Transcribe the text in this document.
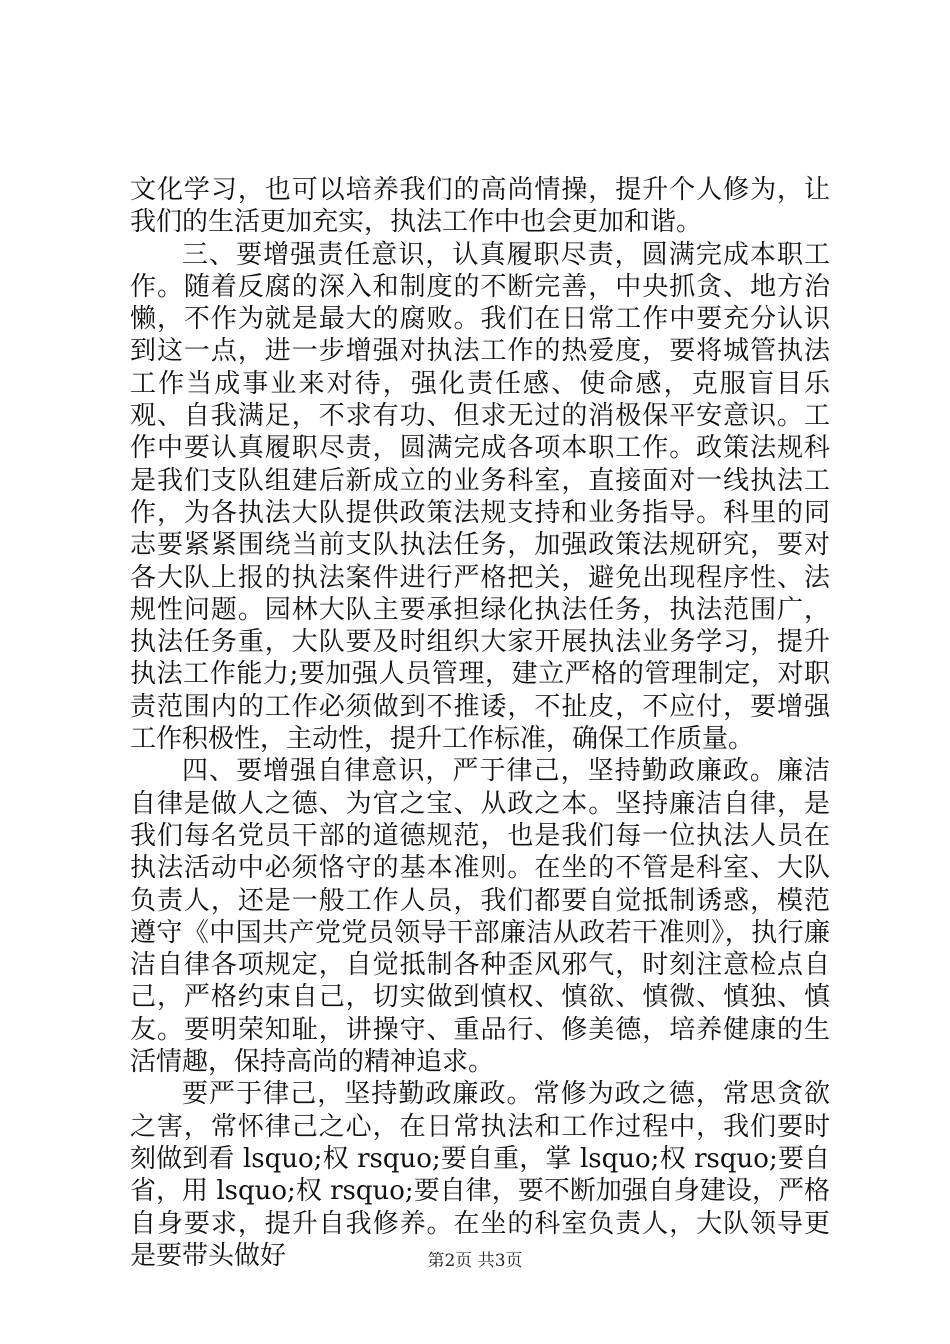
文化学习，也可以培养我们的高尚情操，提升个人修为，让我们的生活更加充实，执法工作中也会更加和谐。

三、要增强责任意识，认真履职尽责，圆满完成本职工作。随着反腐的深入和制度的不断完善，中央抓贪、地方治懒，不作为就是最大的腐败。我们在日常工作中要充分认识到这一点，进一步增强对执法工作的热爱度，要将城管执法工作当成事业来对待，强化责任感、使命感，克服盲目乐观、自我满足，不求有功、但求无过的消极保平安意识。工作中要认真履职尽责，圆满完成各项本职工作。政策法规科是我们支队组建后新成立的业务科室，直接面对一线执法工作，为各执法大队提供政策法规支持和业务指导。科里的同志要紧紧围绕当前支队执法任务，加强政策法规研究，要对各大队上报的执法案件进行严格把关，避免出现程序性、法规性问题。园林大队主要承担绿化执法任务，执法范围广，执法任务重，大队要及时组织大家开展执法业务学习，提升执法工作能力;要加强人员管理，建立严格的管理制定，对职责范围内的工作必须做到不推诿，不扯皮，不应付，要增强工作积极性，主动性，提升工作标准，确保工作质量。

四、要增强自律意识，严于律己，坚持勤政廉政。廉洁自律是做人之德、为官之宝、从政之本。坚持廉洁自律，是我们每名党员干部的道德规范，也是我们每一位执法人员在执法活动中必须恪守的基本准则。在坐的不管是科室、大队负责人，还是一般工作人员，我们都要自觉抵制诱惑，模范遵守《中国共产党党员领导干部廉洁从政若干准则》，执行廉洁自律各项规定，自觉抵制各种歪风邪气，时刻注意检点自己，严格约束自己，切实做到慎权、慎欲、慎微、慎独、慎友。要明荣知耻，讲操守、重品行、修美德，培养健康的生活情趣，保持高尚的精神追求。

要严于律己，坚持勤政廉政。常修为政之德，常思贪欲之害，常怀律己之心，在日常执法和工作过程中，我们要时刻做到看 lsquo;权 rsquo;要自重，掌 lsquo;权 rsquo;要自省，用 lsquo;权 rsquo;要自律，要不断加强自身建设，严格自身要求，提升自我修养。在坐的科室负责人，大队领导更是要带头做好	第2页 共3页
